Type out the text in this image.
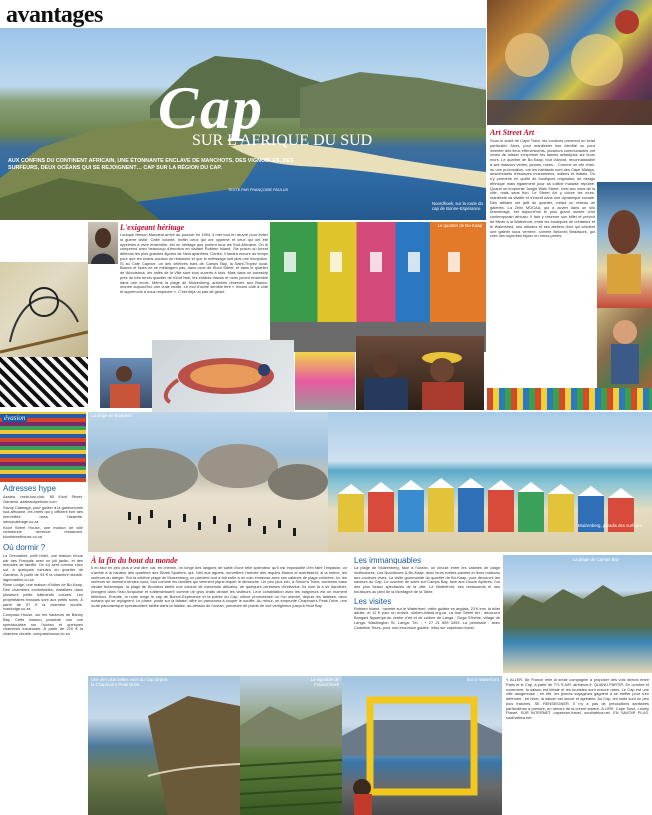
avantages
Cap
SUR L'AFRIQUE DU SUD
AUX CONFINS DU CONTINENT AFRICAIN, UNE ÉTONNANTE ENCLAVE DE MANCHOTS, DES VIGNOBLES, DES SURFEURS, DEUX OCÉANS QUI SE REJOIGNENT… CAP SUR LA RÉGION DU CAP.
TEXTE PAR FRANÇOISE PAULUS
Noordhoek, sur la route du cap de Bonne-Espérance
Art Street Art
Sous le soleil de Cape Town, les couleurs prennent un éclat particulier. Alors, pour manifester leur identité ou pour inventer des lieux effervescents, plusieurs communautés ont choisi de laisser s'exprimer les talents artistiques sur leurs murs. Le quartier de Bo-Kaap, tout d'abord, reconnaissable à ses maisons vertes, jaunes, roses… Comme un clin d'œil, ou une provocation, car les habitants sont des Cape Malays, descendants d'esclaves indonésiens, indiens et malais. On s'y promène en quête de boutiques originales, de design ethnique mais également pour sa colline malaise réputée. Quand on emprunte Jungle Walk Street, c'est aux sons de la ville, mais sans fiori. Le Street Art y colore les murs, manifeste sa vitalité et s'inscrit dans une dynamique sociale. Des artistes ont jailli du quartier, créant un réseau de galeries. La Zeitz MOCAA, qui a ouvert dans un silo réaménagé, est aujourd'hui le plus grand musée d'art contemporain africain. Il faut y réserver son billet et prévoir de flâner à la Waterfront, entre les boutiques de créateurs et le Watershed, ses artisans et ses ateliers d'art qui côtoient une galerie sous verrière, comme Beloved Beadwork, qui crée des superbes bijoux en micro-perles.
L'exigeant héritage
Lorsque Nelson Mandela arrive au pouvoir en 1994, il met tout en œuvre pour éviter la guerre civile. Cette volonté, inviter ceux qui ont opprimé et ceux qui ont été opprimés à vivre ensemble, est un héritage que portent tous les Sud-Africains. On le comprend avec beaucoup d'émotion en visitant Robben Island, l'île prison où furent détenus les plus grandes figures de l'anti-apartheid. Certes, il faudra encore du temps pour que les écarts sociaux se réduisent et que le métissage soit plus une exception. Si au Cafe Caprice, un des célèbres bars de Camps Bay, la Saint-Tropez local, Blancs et Noirs ne se mélangent pas, dans ceux de Kloof Street, et dans le quartier de Woodstock, les cafés de la Ville sont tous ouverts à tous. Mais dans un township près du très tendu quartier de Kloof Nek, les enfants blancs et noirs jouent ensemble dans une école. Même la plage de Muizenberg, autrefois réservée aux Blancs, montre aujourd'hui une vraie mixité. Le mot d'ordre semble être « Vivons côte à côte et apprenons à nous respecter ». C'est déjà un pas de géant.
Le quartier de Bo-Kaap
évasion
Adresses hype
Azalea, resto-bar-club, 60 Kloof Street, Gardens. azaleacapetown.com
Savoy Cabbage, pour goûter à la gastronomie sud-africaine, les chefs qui y officient font des merveilles dans l'assiette. savoycabbage.co.za
Kloof Street House, une maison de ville victorienne devenue restaurant. kloofstreethouse.co.za
Où dormir ?
La Grenadine, petit hôtel, une maison tenue par des Français avec un joli jardin, et des meubles de famille. On s'y sent comme chez soi, à quelques minutes du quartier de Gardens. À partir de 94 € la chambre double. lagrenadine.co.za
Rose Lodge, une maison d'hôtes de Bo-Kaap. Des chambres confortables, installées dans plusieurs petits bâtiments colorés. Les propriétaires français sont aux petits soins. À partir de 57 € la chambre double. roselodge.co.za
Compass House, sur les hauteurs de Bantry Bay. Cette maison possède une vue spectaculaire sur l'océan et quelques chambres luxueuses. À partir de 220 € la chambre double. compasshouse.co.za
La plage de Boulders
Muizenberg, paradis des surfeurs
À la fin du bout du monde
Il en faut en peu plus à vrai dire, car, en chemin, on longe des langues de sable d'une telle splendeur qu'il est impossible d'en faire l'impasse, on s'arrête à la hauteur des quartiers des Shark Spotters, qui, l'œil aux aguets, surveillent l'arrivée des requins blancs et avertissent, si la sirène, les surfeurs du danger. Sur la célèbre plage de Muizenberg, on parvient tout à fait enfin à un coin immense avec ses cabines de plage colorées. Ici, les surfeurs se donnent rendez-vous, tout comme les familles qui viennent pique-niquer le dimanche. Un peu plus loin, à Simon's Town, ancienne base navale britannique, la plage de Boulders abrite une colonie de manchots africains, de quelques centaines d'individus. Ils sont là à se dandiner, plongent dans l'eau turquoise et s'attendrissent comme de gros chats devant les visiteurs. Leur cohabitation avec les baigneurs est un moment délicieux. Ensuite, la route longe le cap de Bonne-Espérance et la pointe du Cap, ultime promontoire où l'on admire, depuis les falaises, deux océans qui se rejoignent. Le phare, posté sur la falaise, offre un panorama à couper le souffle. Au retour, on emprunte Chapman's Peak Drive, une route panoramique spectaculaire taillée dans la falaise, au-dessus de l'océan, ponctuée de points de vue vertigineux jusqu'à Hout Bay.
Les immanquables
La plage de Muizenberg, face à l'océan, on circule entre les cabines de plage multicolores. Les Noordhoek & Bo-Kaap, avec leurs ruelles pavées et leurs maisons aux couleurs vives. La visite gourmande du quartier de Bo-Kaap, pour découvrir les saveurs du Cap. Le coucher de soleil sur Camps Bay, face aux Douze Apôtres, l'un des plus beaux spectacles de la ville. Le Waterfront, ses restaurants et ses boutiques au pied de la Montagne de la Table.
Les visites
Robben Island : navette sur le Waterfront, visite guidée en anglais, 23 € env. la billet adulte, et 12 € pour un enfant. robben-island.org.za. La tour Street Art : découvrir Bongani Ngwenya au centre d'art et de culture de Langa ; Guga S'thebe, village de Langa. Washington St, Langa. Tél. : + 27 21 695 3493. La péninsule : avec Coastline Tours, pour une excursion guidée. infos sur capetown.travel.
La plage de Camps Bay
Une des plus belles vues du Cap depuis la Chapman's Peak Drive
Le vignoble de Franschhoek
Sur le Waterfront Y ALLER. Air France relie la seule compagnie à proposer des vols directs entre Paris et le Cap, à partir de 771 € A/R. airfrance.fr. QUAND PARTIR. En octobre et novembre, la saison est idéale et les touristes sont encore rares. Le Cap est une ville dangereuse ; en été, les jeunes voyageurs gagnent à se méfier pour s'en défendre ; en hiver, la saison est douce et agréable. Au Cap, les nuits sont un peu plus fraîches. SE RENSEIGNER. Il n'y a pas de précautions sanitaires particulières à prendre, en dehors de la crème solaire. À LIRE. Cape Town, Lonely Planet. SUR INTERNET. capetown.travel, southafrica.net. EN SAVOIR PLUS. southafrica.net
